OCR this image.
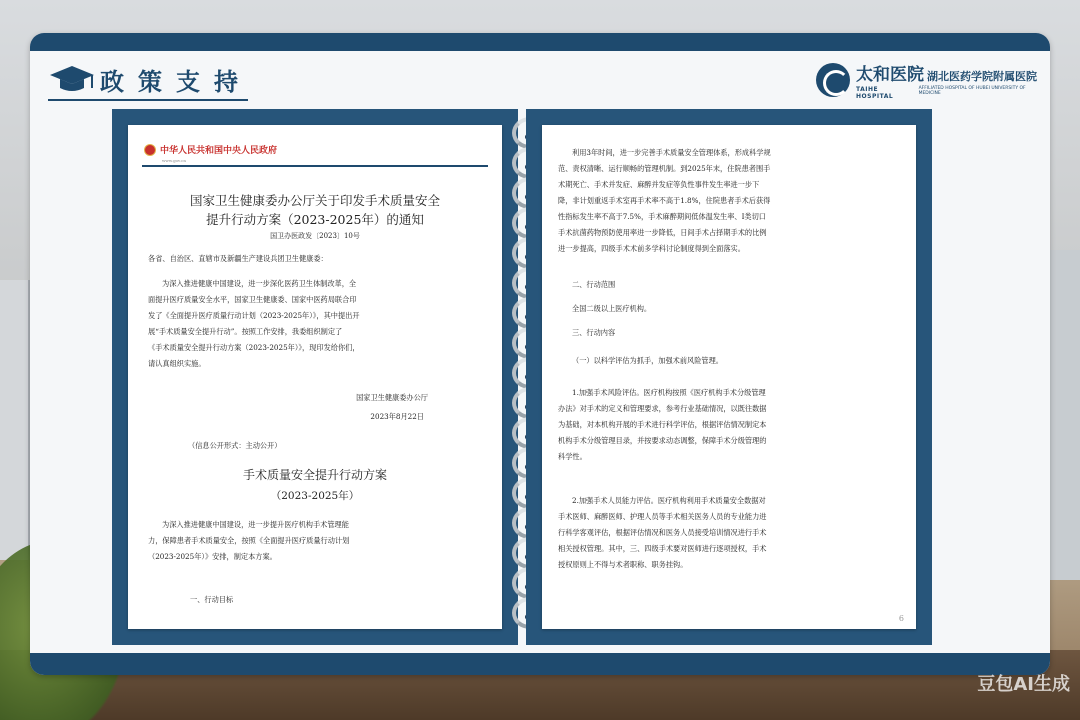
政策支持	太和医院 湖北医药学院附属医院
TAIHE HOSPITAL
AFFILIATED HOSPITAL OF HUBEI UNIVERSITY OF MEDICINE
中华人民共和国中央人民政府
www.gov.cn
国家卫生健康委办公厅关于印发手术质量安全
提升行动方案（2023-2025年）的通知
国卫办医政发〔2023〕10号
各省、自治区、直辖市及新疆生产建设兵团卫生健康委：
为深入推进健康中国建设，进一步深化医药卫生体制改革，全
面提升医疗质量安全水平，国家卫生健康委、国家中医药局联合印
发了《全面提升医疗质量行动计划（2023-2025年）》，其中提出开
展“手术质量安全提升行动”。按照工作安排，我委组织制定了
《手术质量安全提升行动方案（2023-2025年）》，现印发给你们，
请认真组织实施。
国家卫生健康委办公厅
2023年8月22日
（信息公开形式：主动公开）
手术质量安全提升行动方案
（2023-2025年）
为深入推进健康中国建设，进一步提升医疗机构手术管理能
力，保障患者手术质量安全，按照《全面提升医疗质量行动计划
（2023-2025年）》安排，制定本方案。
一、行动目标
利用3年时间，进一步完善手术质量安全管理体系，形成科学规
范、责权清晰、运行顺畅的管理机制。到2025年末，住院患者围手
术期死亡、手术并发症、麻醉并发症等负性事件发生率进一步下
降，非计划重返手术室再手术率不高于1.8%，住院患者手术后获得
性指标发生率不高于7.5%，手术麻醉期间低体温发生率、I类切口
手术抗菌药物预防使用率进一步降低，日间手术占择期手术的比例
进一步提高，四级手术术前多学科讨论制度得到全面落实。
二、行动范围
全国二级以上医疗机构。
三、行动内容
（一）以科学评估为抓手，加强术前风险管理。
1.加强手术风险评估。医疗机构按照《医疗机构手术分级管理
办法》对手术的定义和管理要求，参考行业基础情况，以既往数据
为基础，对本机构开展的手术进行科学评估，根据评估情况制定本
机构手术分级管理目录，并按要求动态调整，保障手术分级管理的
科学性。
2.加强手术人员能力评估。医疗机构利用手术质量安全数据对
手术医师、麻醉医师、护理人员等手术相关医务人员的专业能力进
行科学客观评估，根据评估情况和医务人员接受培训情况进行手术
相关授权管理。其中，三、四级手术要对医师进行逐项授权，手术
授权原则上不得与术者职称、职务挂钩。
6
豆包AI生成
